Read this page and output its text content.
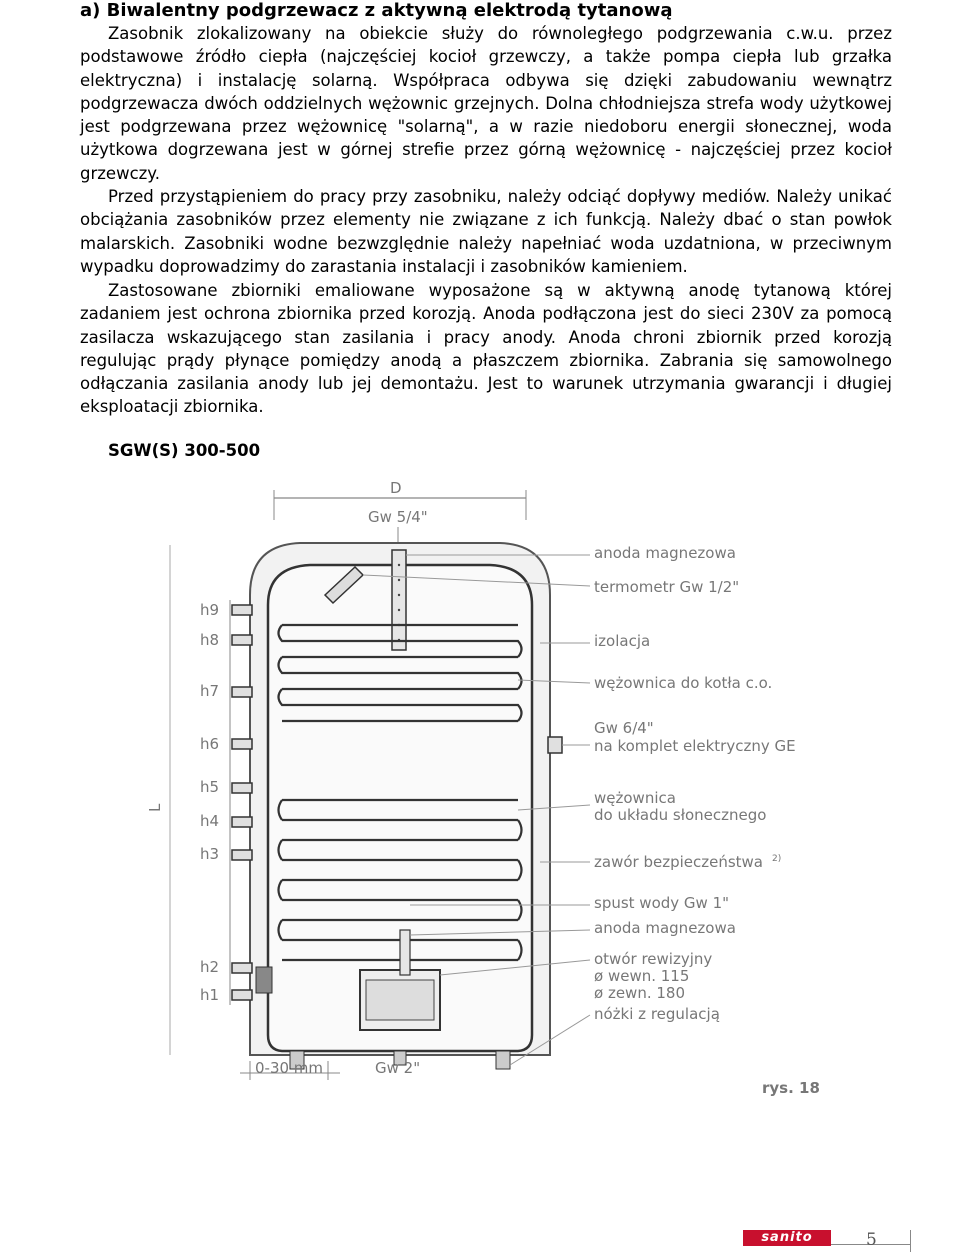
a) Biwalentny podgrzewacz z aktywną elektrodą tytanową

Zasobnik zlokalizowany na obiekcie służy do równoległego podgrzewania c.w.u. przez podstawowe źródło ciepła (najczęściej kocioł grzewczy, a także pompa ciepła lub grzałka elektryczna) i instalację solarną. Współpraca odbywa się dzięki zabudowaniu wewnątrz podgrzewacza dwóch oddzielnych wężownic grzejnych. Dolna chłodniejsza strefa wody użytkowej jest podgrzewana przez wężownicę "solarną", a w razie niedoboru energii słonecznej, woda użytkowa dogrzewana jest w górnej strefie przez górną wężownicę - najczęściej przez kocioł grzewczy.

Przed przystąpieniem do pracy przy zasobniku, należy odciąć dopływy mediów. Należy unikać obciążania zasobników przez elementy nie związane z ich funkcją. Należy dbać o stan powłok malarskich. Zasobniki wodne bezwzględnie należy napełniać woda uzdatniona, w przeciwnym wypadku doprowadzimy do zarastania instalacji i zasobników kamieniem.

Zastosowane zbiorniki emaliowane wyposażone są w aktywną anodę tytanową której zadaniem jest ochrona zbiornika przed korozją. Anoda podłączona jest do sieci 230V za pomocą zasilacza wskazującego stan zasilania i pracy anody. Anoda chroni zbiornik przed korozją regulując prądy płynące pomiędzy anodą a płaszczem zbiornika. Zabrania się samowolnego odłączania zasilania anody lub jej demontażu. Jest to warunek utrzymania gwarancji i długiej eksploatacji zbiornika.

SGW(S) 300-500
D
Gw 5/4"
L
h9
h8
h7
h6
h5
h4
h3
h2
h1
anoda magnezowa
termometr Gw 1/2"
izolacja
wężownica do kotła c.o.
Gw 6/4"
na komplet elektryczny GE
wężownica
do układu słonecznego
zawór bezpieczeństwa 2)
spust wody Gw 1"
anoda magnezowa
otwór rewizyjny
ø wewn. 115
ø zewn. 180
nóżki z regulacją
0-30 mm	Gw 2"
rys. 18
sanito	5
